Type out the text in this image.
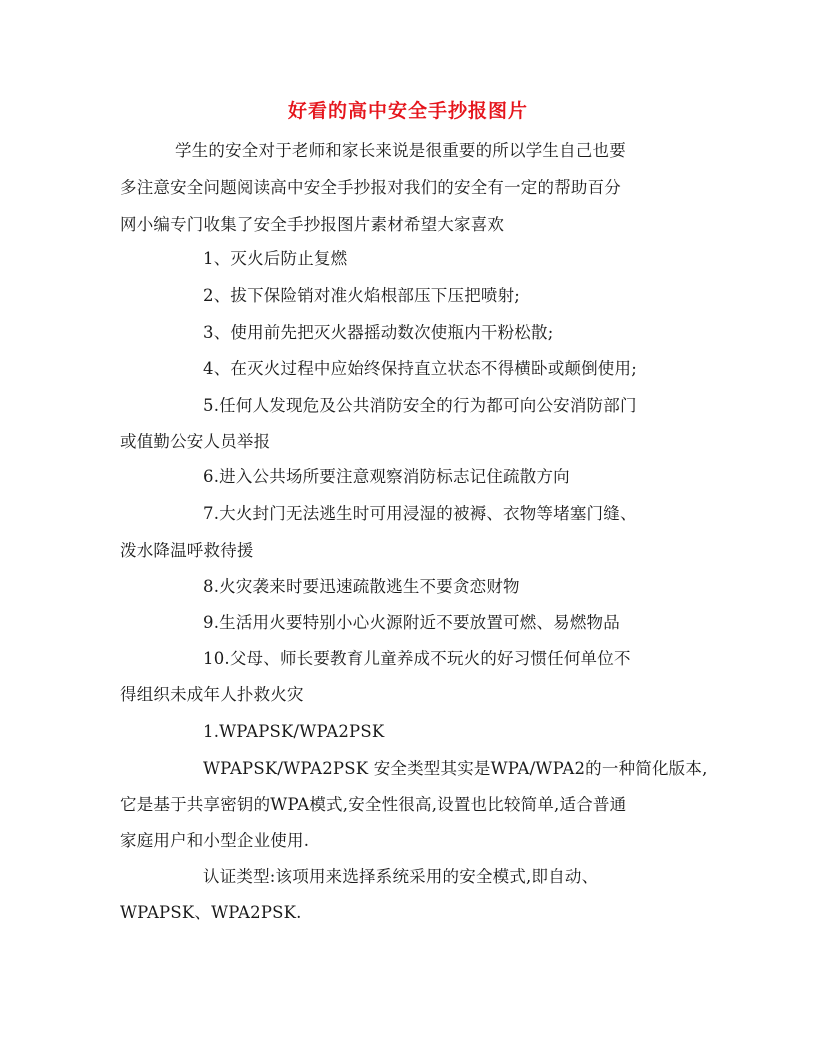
好看的高中安全手抄报图片
学生的安全对于老师和家长来说是很重要的所以学生自己也要
多注意安全问题阅读高中安全手抄报对我们的安全有一定的帮助百分
网小编专门收集了安全手抄报图片素材希望大家喜欢
1、灭火后防止复燃
2、拔下保险销对准火焰根部压下压把喷射;
3、使用前先把灭火器摇动数次使瓶内干粉松散;
4、在灭火过程中应始终保持直立状态不得横卧或颠倒使用;
5.任何人发现危及公共消防安全的行为都可向公安消防部门
或值勤公安人员举报
6.进入公共场所要注意观察消防标志记住疏散方向
7.大火封门无法逃生时可用浸湿的被褥、衣物等堵塞门缝、
泼水降温呼救待援
8.火灾袭来时要迅速疏散逃生不要贪恋财物
9.生活用火要特别小心火源附近不要放置可燃、易燃物品
10.父母、师长要教育儿童养成不玩火的好习惯任何单位不
得组织未成年人扑救火灾
1.WPAPSK/WPA2PSK
WPAPSK/WPA2PSK 安全类型其实是WPA/WPA2的一种简化版本,
它是基于共享密钥的WPA模式,安全性很高,设置也比较简单,适合普通
家庭用户和小型企业使用.
认证类型:该项用来选择系统采用的安全模式,即自动、
WPAPSK、WPA2PSK.
